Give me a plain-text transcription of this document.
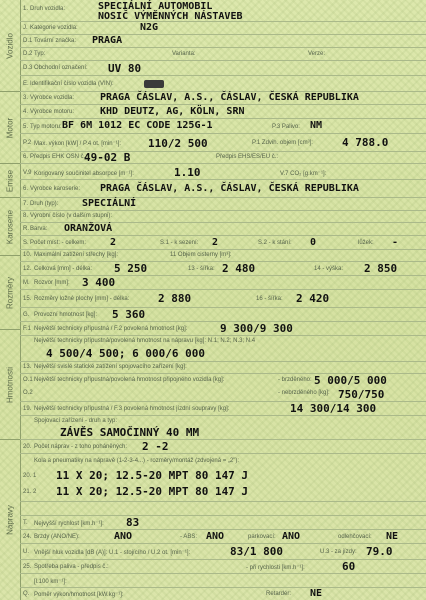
Vozidlo
Motor
Emise
Karoserie
Rozměry
Hmotnosti
Nápravy
1. Druh vozidla:	SPECIÁLNÍ AUTOMOBIL
NOSIČ VÝMĚNNÝCH NÁSTAVEB
J. Kategorie vozidla:	N2G
D.1 Tovární značka: PRAGA
D.2 Typ:	Varianta:	Verze:
D.3 Obchodní označení: UV 80
E. Identifikační číslo vozidla (VIN):
3. Výrobce vozidla:	PRAGA ČÁSLAV, A.S., ČÁSLAV, ČESKÁ REPUBLIKA
4. Výrobce motoru:	KHD DEUTZ, AG, KÖLN, SRN
5. Typ motoru: BF 6M 1012 EC CODE 125G-1	P.3 Palivo: NM
P.2 Max. výkon [kW] / P.4 ot. [min⁻¹]: 110/2 500	P.1 Zdvih. objem [cm³]:	4 788.0
6. Předpis EHK OSN č.:
49-02 B	Předpis EHS/ES/EU č.:
V.9 Korigovaný součinitel absorpce [m⁻¹]:	1.10	V.7 CO₂ [g.km⁻¹]:
6. Výrobce karoserie: PRAGA ČÁSLAV, A.S., ČÁSLAV, ČESKÁ REPUBLIKA
7. Druh (typ): SPECIÁLNÍ
8. Výrobní číslo (v dalším stupni):
R. Barva: ORANŽOVÁ
S. Počet míst: - celkem: 2	S.1 - k sezení: 2	S.2 - k stání: 0	lůžek: -
10. Maximální zatížení střechy [kg]:	11 Objem cisterny [m³]:
12. Celková [mm] - délka: 5 250	13 - šířka: 2 480	14 - výška: 2 850
M. Rozvor [mm]: 3 400
15. Rozměry ložné plochy [mm] - délka:	2 880	16 - šířka: 2 420
G. Provozní hmotnost [kg]: 5 360
F.1 Největší technicky přípustná / F.2 povolená hmotnost [kg]:	9 300/9 300
Největší technicky přípustná/povolená hmotnost na nápravu [kg]: N.1; N.2; N.3; N.4
4 500/4 500; 6 000/6 000
13. Největší svislé statické zatížení spojovacího zařízení [kg]:
O.1 Největší technicky přípustná/povolená hmotnost připojného vozidla [kg]:	- brzděného: 5 000/5 000
O.2	- nebrzděného [kg]: 750/750
19. Největší technicky přípustná / F.3 povolená hmotnost jízdní soupravy [kg]:	14 300/14 300
Spojovací zařízení - druh a typ:
ZÁVĚS SAMOČINNÝ 40 MM
20. Počet náprav - z toho poháněných: 2 -2
Kola a pneumatiky na nápravě (1-2-3-4...) - rozměry/montáž (zdvojená = „2"):
20. 1 11 X 20; 12.5-20 MPT 80 147 J
21. 2 11 X 20; 12.5-20 MPT 80 147 J
T. Nejvyšší rychlost [km.h⁻¹]: 83
24. Brzdy (ANO/NE):	ANO	- ABS: ANO	parkovací: ANO	odlehčovací: NE
U. Vnější hluk vozidla [dB (A)]: U.1 - stojícího / U.2 ot. [min⁻¹]:	83/1 800	U.3 - za jízdy: 79.0
25. Spotřeba paliva - předpis č.:	- při rychlosti [km.h⁻¹]:	60
[l.100 km⁻¹]:
Q. Poměr výkon/hmotnost [kW.kg⁻¹]:	Retardér: NE
